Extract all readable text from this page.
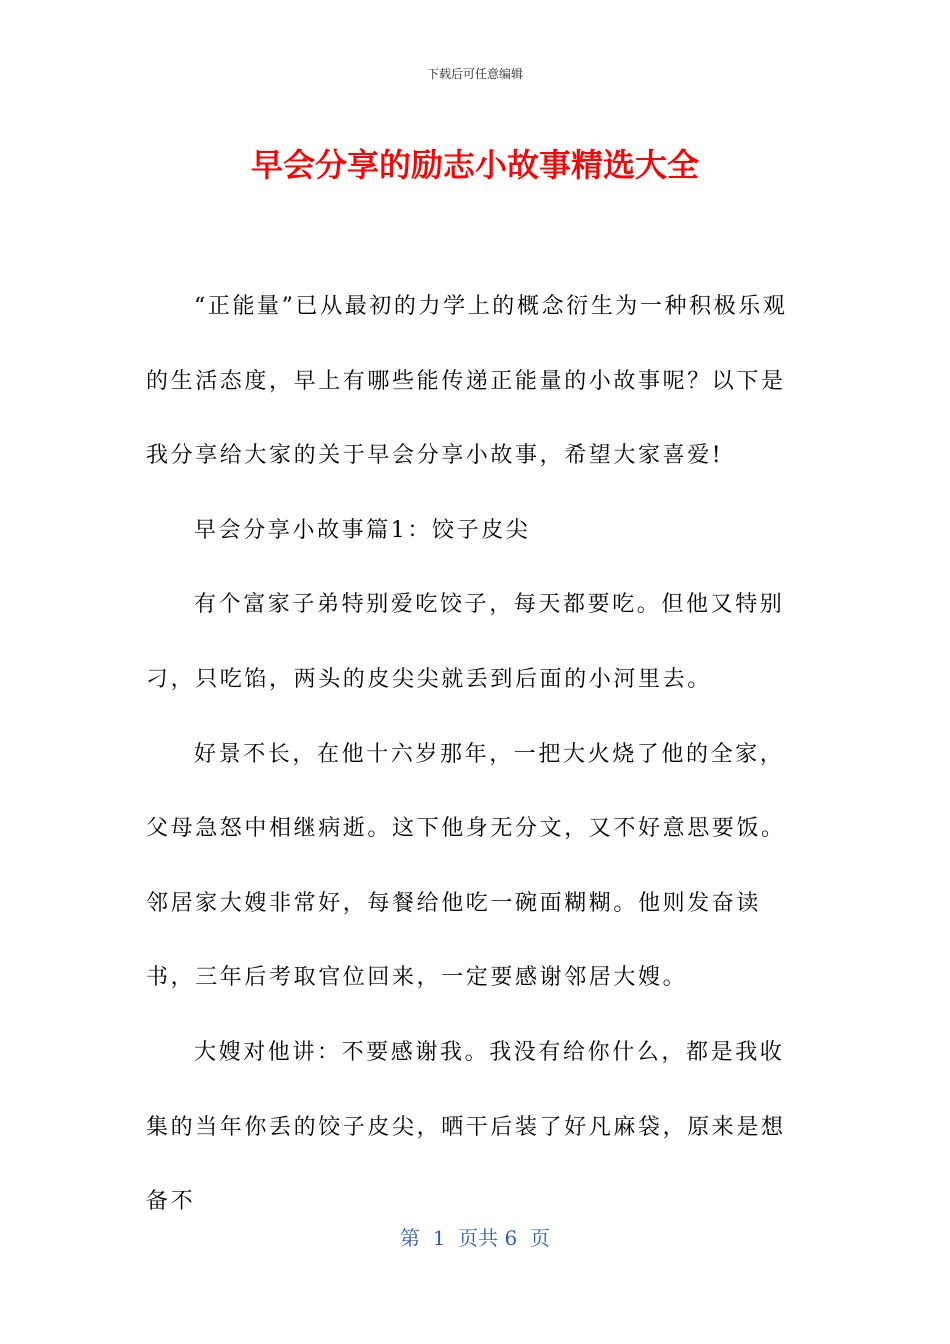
下载后可任意编辑
早会分享的励志小故事精选大全

“正能量”已从最初的力学上的概念衍生为一种积极乐观的生活态度，早上有哪些能传递正能量的小故事呢？以下是我分享给大家的关于早会分享小故事，希望大家喜爱!

早会分享小故事篇1：饺子皮尖

有个富家子弟特别爱吃饺子，每天都要吃。但他又特别刁，只吃馅，两头的皮尖尖就丢到后面的小河里去。

好景不长，在他十六岁那年，一把大火烧了他的全家，父母急怒中相继病逝。这下他身无分文，又不好意思要饭。邻居家大嫂非常好，每餐给他吃一碗面糊糊。他则发奋读书，三年后考取官位回来，一定要感谢邻居大嫂。

大嫂对他讲：不要感谢我。我没有给你什么，都是我收集的当年你丢的饺子皮尖，晒干后装了好凡麻袋，原来是想备不

第  1  页共 6  页
